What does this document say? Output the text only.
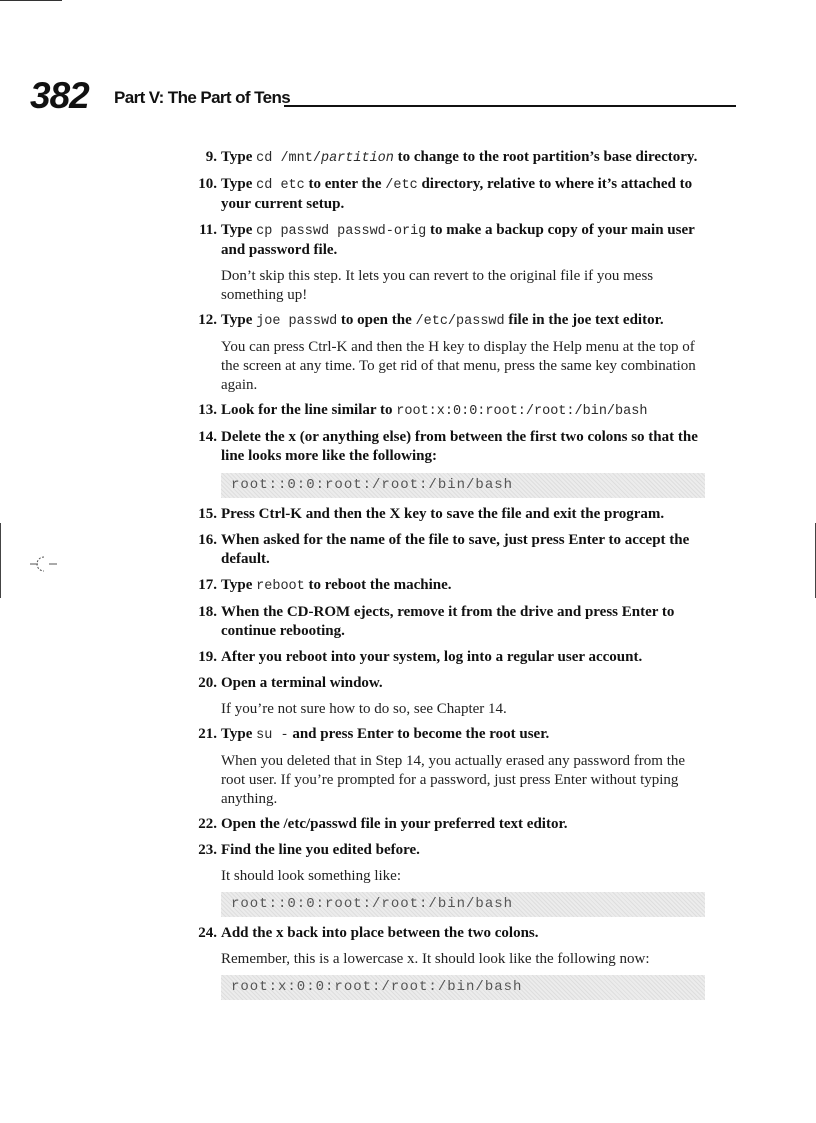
382 Part V: The Part of Tens
9. Type cd /mnt/partition to change to the root partition’s base directory.
10. Type cd etc to enter the /etc directory, relative to where it’s attached to your current setup.
11. Type cp passwd passwd-orig to make a backup copy of your main user and password file.
Don’t skip this step. It lets you can revert to the original file if you mess something up!
12. Type joe passwd to open the /etc/passwd file in the joe text editor.
You can press Ctrl-K and then the H key to display the Help menu at the top of the screen at any time. To get rid of that menu, press the same key combination again.
13. Look for the line similar to root:x:0:0:root:/root:/bin/bash
14. Delete the x (or anything else) from between the first two colons so that the line looks more like the following:
root::0:0:root:/root:/bin/bash
15. Press Ctrl-K and then the X key to save the file and exit the program.
16. When asked for the name of the file to save, just press Enter to accept the default.
17. Type reboot to reboot the machine.
18. When the CD-ROM ejects, remove it from the drive and press Enter to continue rebooting.
19. After you reboot into your system, log into a regular user account.
20. Open a terminal window.
If you’re not sure how to do so, see Chapter 14.
21. Type su - and press Enter to become the root user.
When you deleted that in Step 14, you actually erased any password from the root user. If you’re prompted for a password, just press Enter without typing anything.
22. Open the /etc/passwd file in your preferred text editor.
23. Find the line you edited before.
It should look something like:
root::0:0:root:/root:/bin/bash
24. Add the x back into place between the two colons.
Remember, this is a lowercase x. It should look like the following now:
root:x:0:0:root:/root:/bin/bash
